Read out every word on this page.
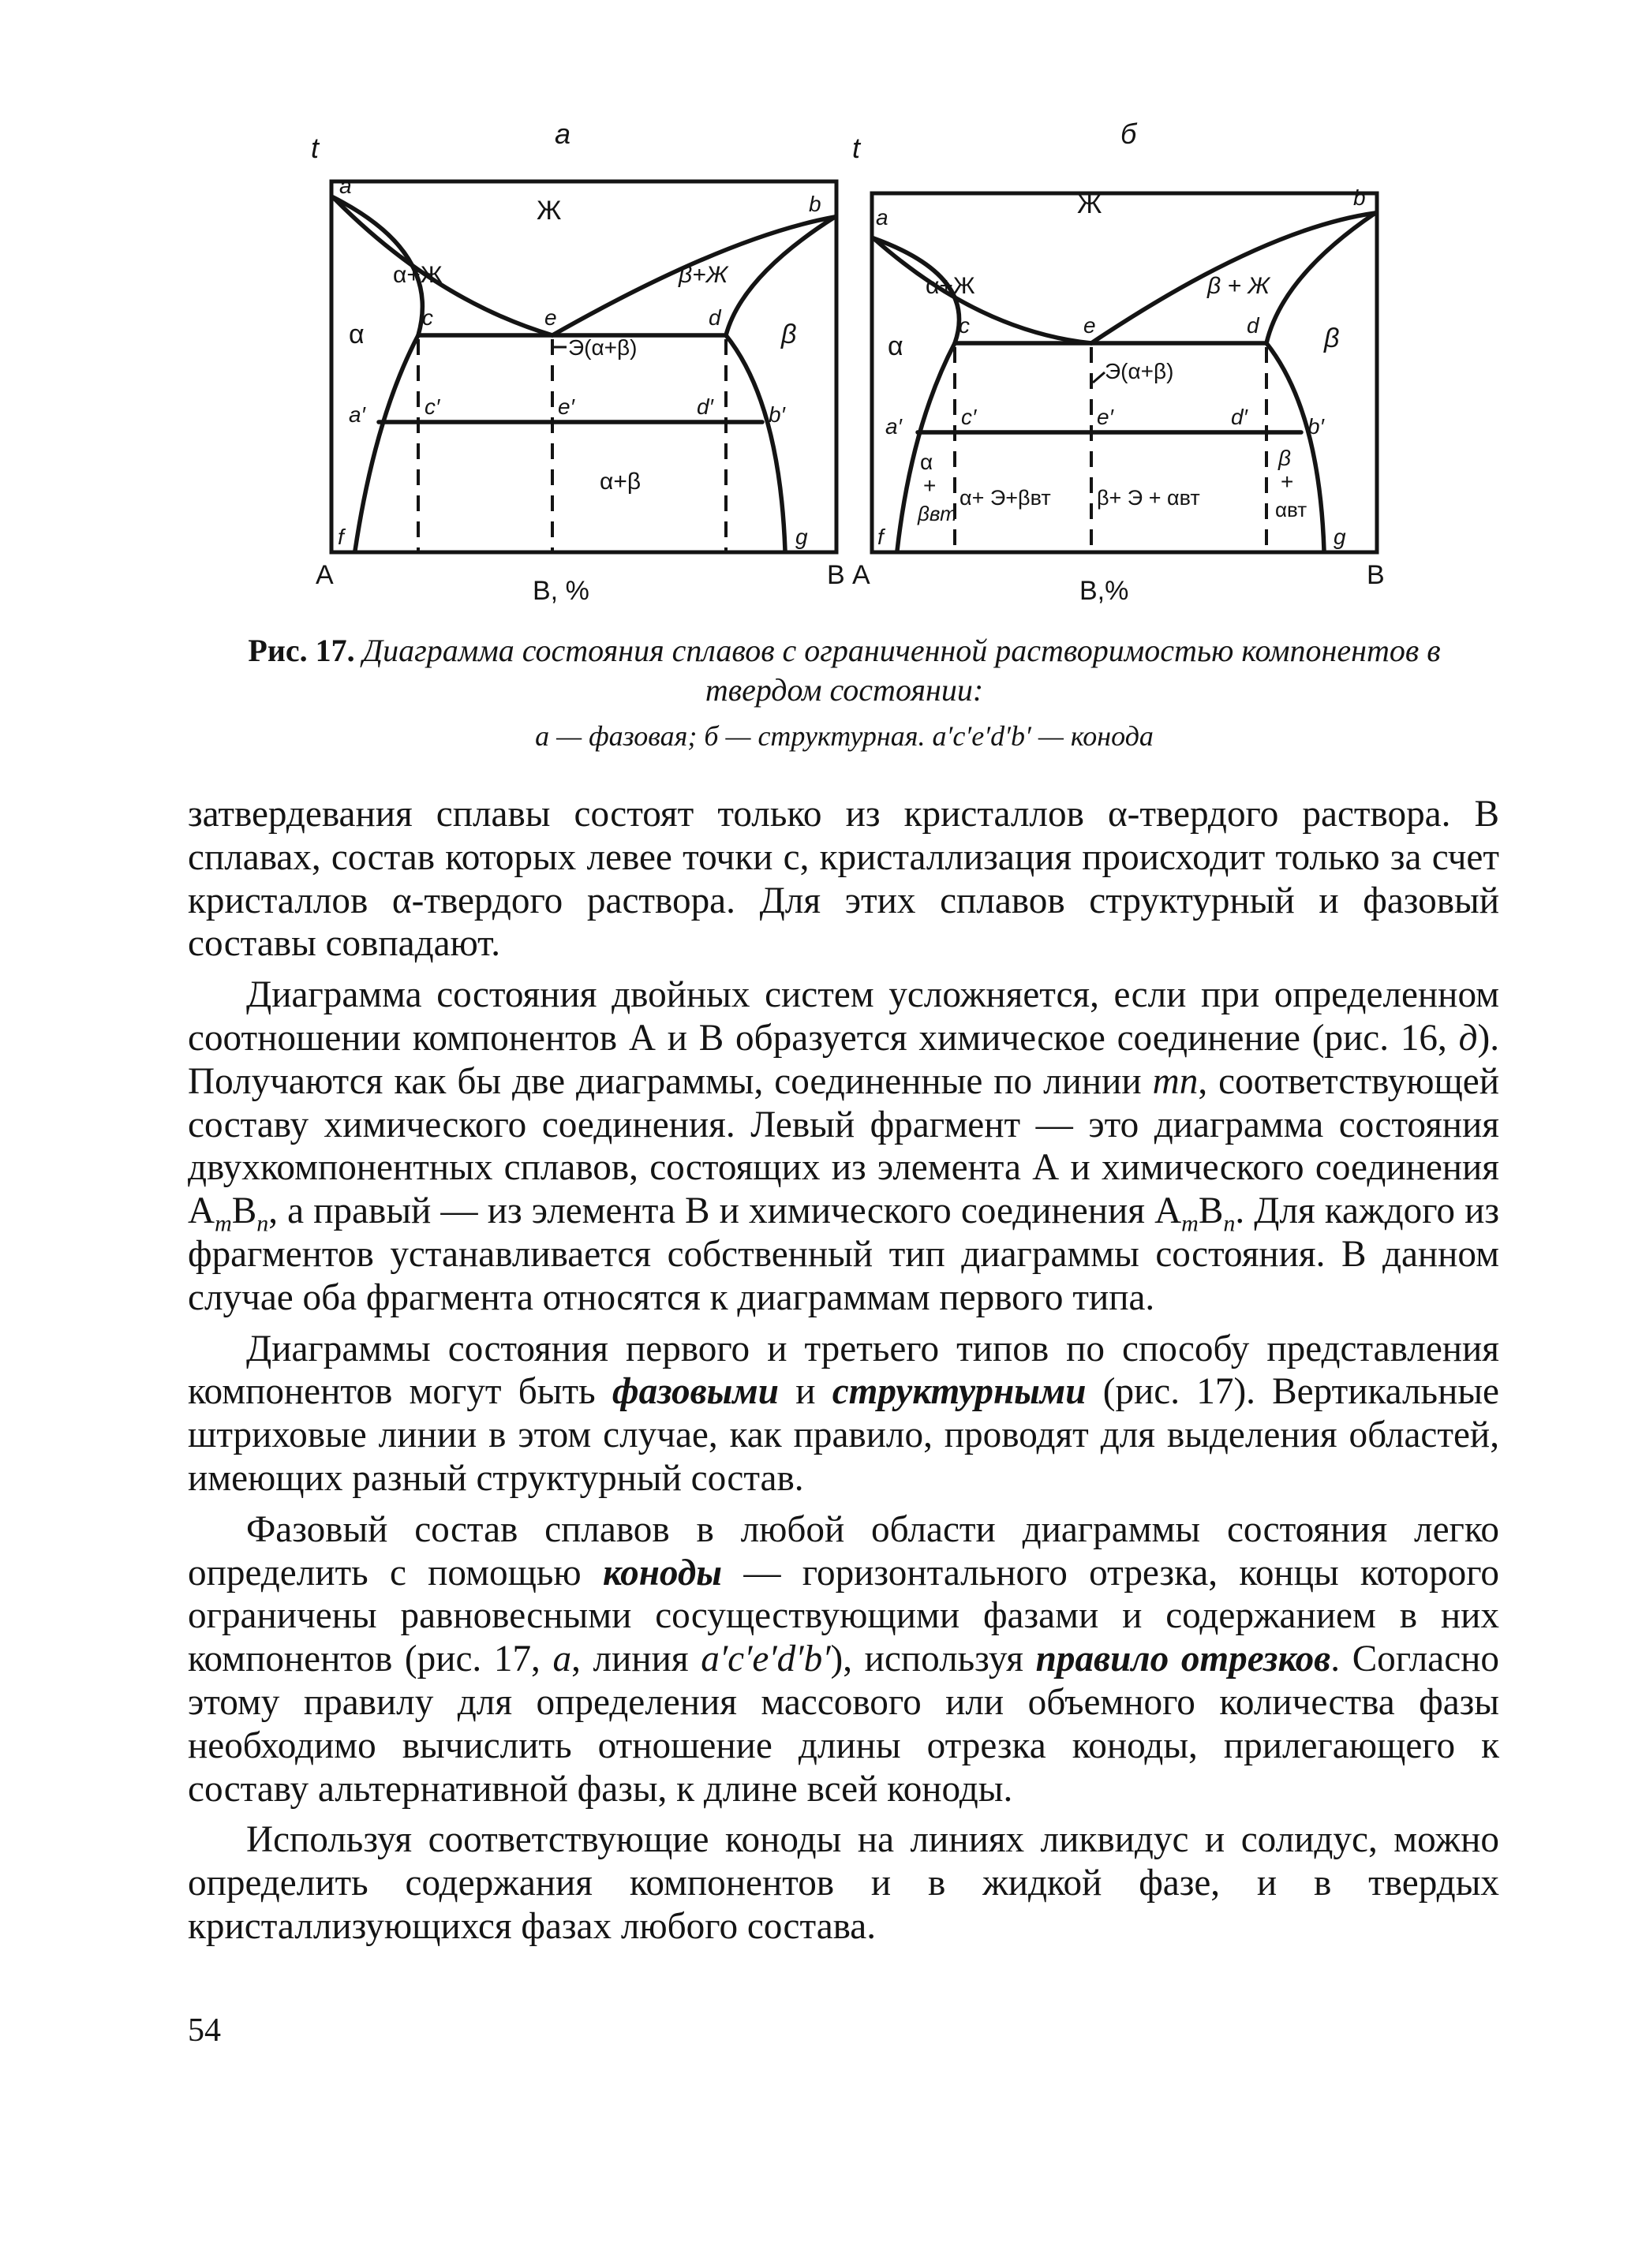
a
t
A	B
B, %
Ж
α+Ж	β+Ж
α	β
α+β
Э(α+β)
a
b
c	d
e
a′	b′
c′	d′
e′
f	g
б
t
A	B
B,%
Ж
α+Ж	β + Ж
α	β
Э(α+β)
α
+
βвт
β
+
αвт
α+ Э+βвт β+ Э + αвт
a
b
c	d
e
a′	b′
c′	d′
e′
f	g
Рис. 17. Диаграмма состояния сплавов с ограниченной растворимостью компонентов в твердом состоянии:
а — фазовая; б — структурная. a′c′e′d′b′ — конода

затвердевания сплавы состоят только из кристаллов α-твердого раствора. В сплавах, состав которых левее точки c, кристаллизация происходит только за счет кристаллов α-твердого раствора. Для этих сплавов структурный и фазовый составы совпадают.

Диаграмма состояния двойных систем усложняется, если при определенном соотношении компонентов А и В образуется химическое соединение (рис. 16, д). Получаются как бы две диаграммы, соединенные по линии mn, соответствующей составу химического соединения. Левый фрагмент — это диаграмма состояния двухкомпонентных сплавов, состоящих из элемента А и химического соединения $A_mB_n$, а правый — из элемента В и химического соединения $A_mB_n$. Для каждого из фрагментов устанавливается собственный тип диаграммы состояния. В данном случае оба фрагмента относятся к диаграммам первого типа.

Диаграммы состояния первого и третьего типов по способу представления компонентов могут быть фазовыми и структурными (рис. 17). Вертикальные штриховые линии в этом случае, как правило, проводят для выделения областей, имеющих разный структурный состав.

Фазовый состав сплавов в любой области диаграммы состояния легко определить с помощью коноды — горизонтального отрезка, концы которого ограничены равновесными сосуществующими фазами и содержанием в них компонентов (рис. 17, а, линия a′c′e′d′b′), используя правило отрезков. Согласно этому правилу для определения массового или объемного количества фазы необходимо вычислить отношение длины отрезка коноды, прилегающего к составу альтернативной фазы, к длине всей коноды.

Используя соответствующие коноды на линиях ликвидус и солидус, можно определить содержания компонентов и в жидкой фазе, и в твердых кристаллизующихся фазах любого состава.

54
